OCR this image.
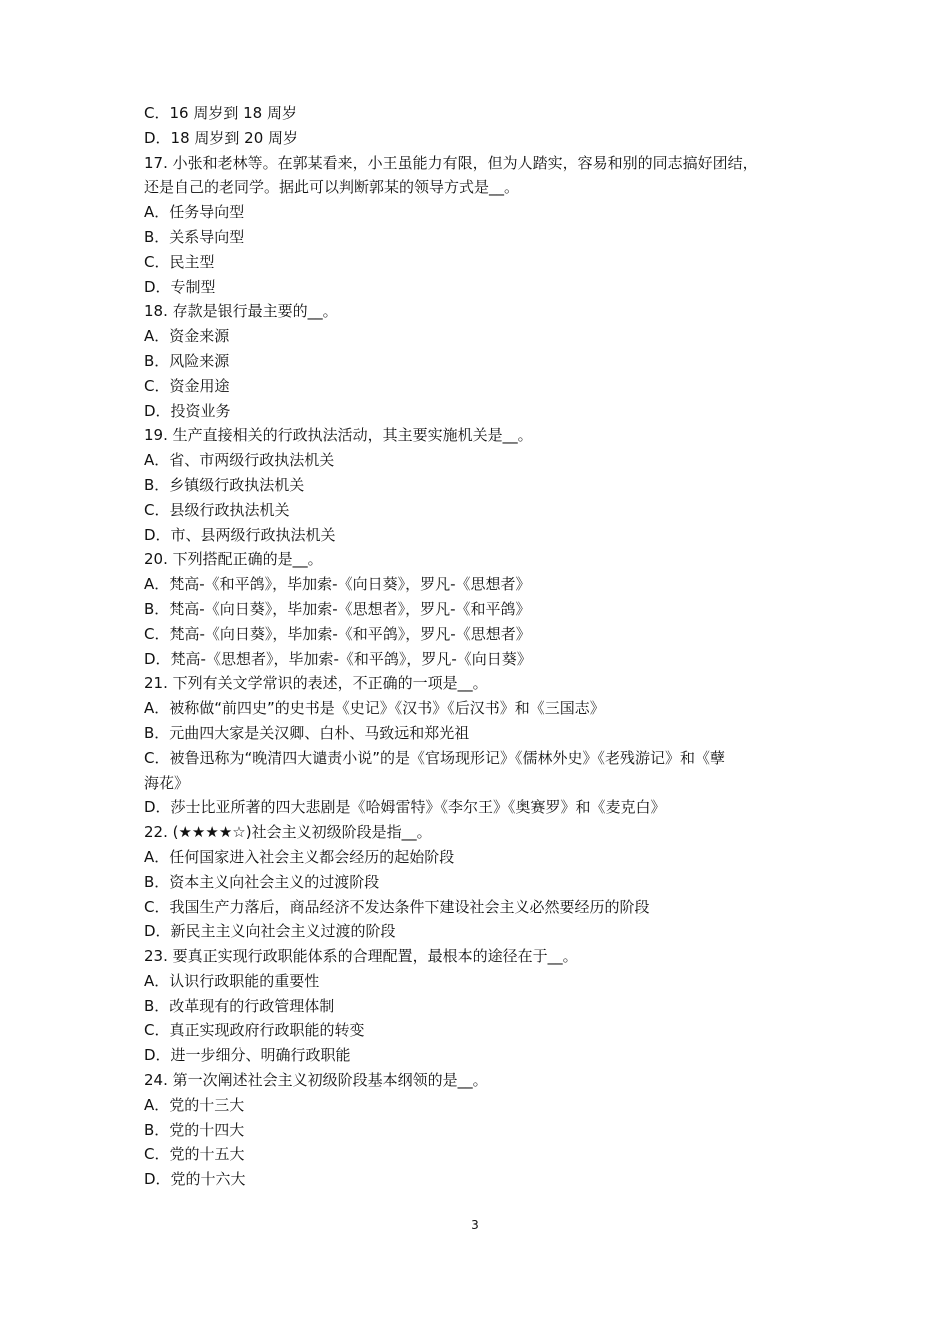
C．16 周岁到 18 周岁
D．18 周岁到 20 周岁
17. 小张和老林等。在郭某看来，小王虽能力有限，但为人踏实，容易和别的同志搞好团结，
还是自己的老同学。据此可以判断郭某的领导方式是__。
A．任务导向型
B．关系导向型
C．民主型
D．专制型
18. 存款是银行最主要的__。
A．资金来源
B．风险来源
C．资金用途
D．投资业务
19. 生产直接相关的行政执法活动，其主要实施机关是__。
A．省、市两级行政执法机关
B．乡镇级行政执法机关
C．县级行政执法机关
D．市、县两级行政执法机关
20. 下列搭配正确的是__。
A．梵高-《和平鸽》，毕加索-《向日葵》，罗凡-《思想者》
B．梵高-《向日葵》，毕加索-《思想者》，罗凡-《和平鸽》
C．梵高-《向日葵》，毕加索-《和平鸽》，罗凡-《思想者》
D．梵高-《思想者》，毕加索-《和平鸽》，罗凡-《向日葵》
21. 下列有关文学常识的表述，不正确的一项是__。
A．被称做“前四史”的史书是《史记》《汉书》《后汉书》和《三国志》
B．元曲四大家是关汉卿、白朴、马致远和郑光祖
C．被鲁迅称为“晚清四大谴责小说”的是《官场现形记》《儒林外史》《老残游记》和《孽
海花》
D．莎士比亚所著的四大悲剧是《哈姆雷特》《李尔王》《奥赛罗》和《麦克白》
22. (★★★★☆)社会主义初级阶段是指__。
A．任何国家进入社会主义都会经历的起始阶段
B．资本主义向社会主义的过渡阶段
C．我国生产力落后，商品经济不发达条件下建设社会主义必然要经历的阶段
D．新民主主义向社会主义过渡的阶段
23. 要真正实现行政职能体系的合理配置，最根本的途径在于__。
A．认识行政职能的重要性
B．改革现有的行政管理体制
C．真正实现政府行政职能的转变
D．进一步细分、明确行政职能
24. 第一次阐述社会主义初级阶段基本纲领的是__。
A．党的十三大
B．党的十四大
C．党的十五大
D．党的十六大
3
